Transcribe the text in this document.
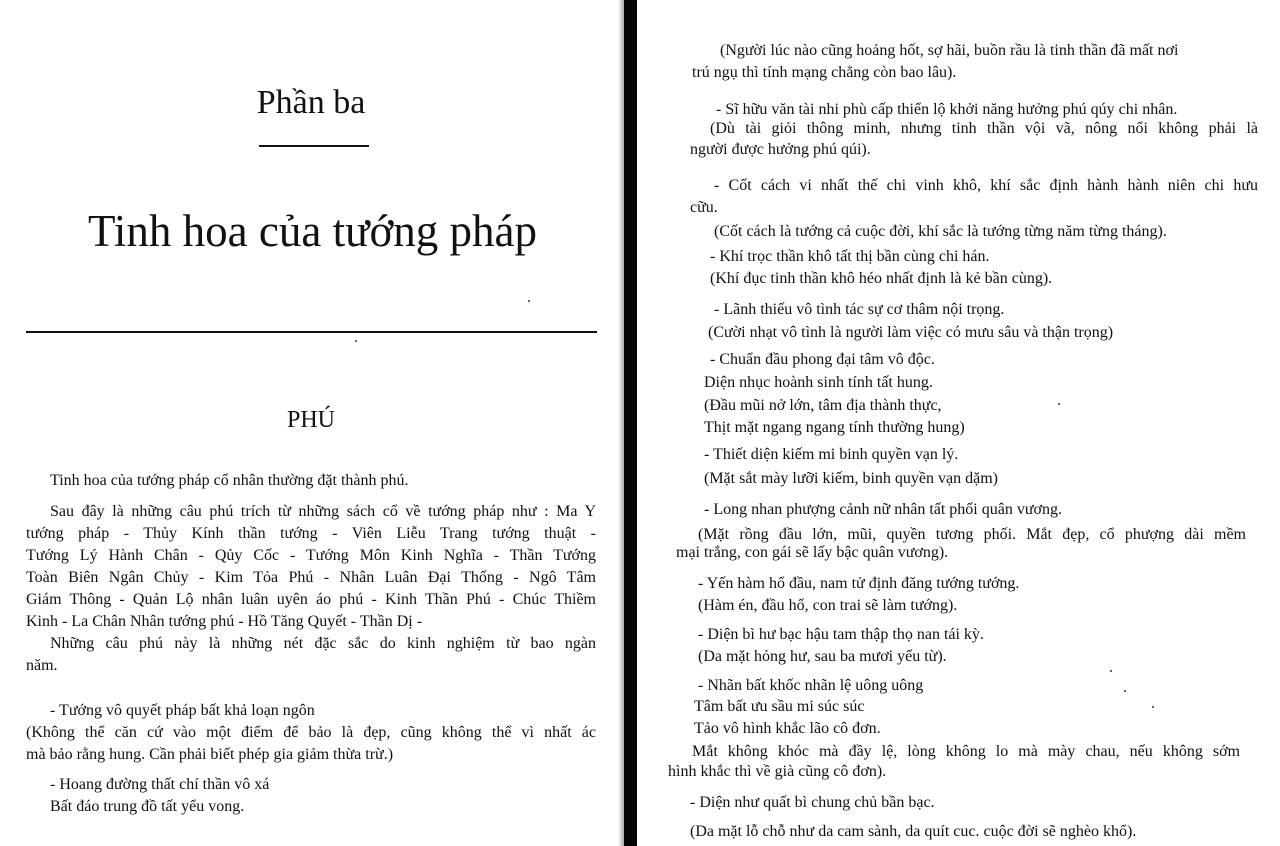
Phần ba
Tinh hoa của tướng pháp
PHÚ
Tinh hoa của tướng pháp cổ nhân thường đặt thành phú.
Sau đây là những câu phú trích từ những sách cổ về tướng pháp như : Ma Y
tướng pháp - Thủy Kính thần tướng - Viên Liễu Trang tướng thuật -
Tướng Lý Hành Chân - Qủy Cốc - Tướng Môn Kinh Nghĩa - Thần Tướng
Toàn Biên Ngân Chủy - Kim Tỏa Phú - Nhân Luân Đại Thống - Ngô Tâm
Giám Thông - Quản Lộ nhân luân uyên áo phú - Kinh Thần Phú - Chúc Thiềm
Kinh - La Chân Nhân tướng phú - Hồ Tăng Quyết - Thần Dị -
Những câu phú này là những nét đặc sắc do kinh nghiệm từ bao ngàn
năm.
- Tướng vô quyết pháp bất khả loạn ngôn
(Không thể căn cứ vào một điểm để bảo là đẹp, cũng không thể vì nhất ác
mà bảo rằng hung. Cần phải biết phép gia giảm thừa trừ.)
- Hoang đường thất chí thần vô xá
Bất đáo trung đồ tất yểu vong.
(Người lúc nào cũng hoảng hốt, sợ hãi, buồn rầu là tinh thần đã mất nơi
trú ngụ thì tính mạng chẳng còn bao lâu).
- Sĩ hữu văn tài nhi phù cấp thiển lộ khởi năng hưởng phú qúy chi nhân.
(Dù tài giỏi thông minh, nhưng tinh thần vội vã, nông nổi không phải là
người được hưởng phú qúi).
- Cốt cách vi nhất thế chi vinh khô, khí sắc định hành hành niên chi hưu
cữu.
(Cốt cách là tướng cả cuộc đời, khí sắc là tướng từng năm từng tháng).
- Khí trọc thần khô tất thị bần cùng chi hán.
(Khí đục tinh thần khô héo nhất định là kẻ bần cùng).
- Lãnh thiếu vô tình tác sự cơ thâm nội trọng.
(Cười nhạt vô tình là người làm việc có mưu sâu và thận trọng)
- Chuẩn đầu phong đại tâm vô độc.
Diện nhục hoành sinh tính tất hung.
(Đầu mũi nở lớn, tâm địa thành thực,
Thịt mặt ngang ngang tính thường hung)
- Thiết diện kiếm mi binh quyền vạn lý.
(Mặt sắt mày lưỡi kiếm, binh quyền vạn dặm)
- Long nhan phượng cảnh nữ nhân tất phối quân vương.
(Mặt rồng đầu lớn, mũi, quyền tương phối. Mắt đẹp, cổ phượng dài mềm
mại trắng, con gái sẽ lấy bậc quân vương).
- Yến hàm hổ đầu, nam tử định đăng tướng tướng.
(Hàm én, đầu hổ, con trai sẽ làm tướng).
- Diện bì hư bạc hậu tam thập thọ nan tái kỳ.
(Da mặt hỏng hư, sau ba mươi yếu từ).
- Nhãn bất khốc nhãn lệ uông uông
Tâm bất ưu sầu mi súc súc
Tảo vô hình khắc lão cô đơn.
Mắt không khóc mà đầy lệ, lòng không lo mà mày chau, nếu không sớm
hình khắc thì về già cũng cô đơn).
- Diện như quất bì chung chủ bần bạc.
(Da mặt lỗ chỗ như da cam sành, da quít cuc. cuộc đời sẽ nghèo khổ).
